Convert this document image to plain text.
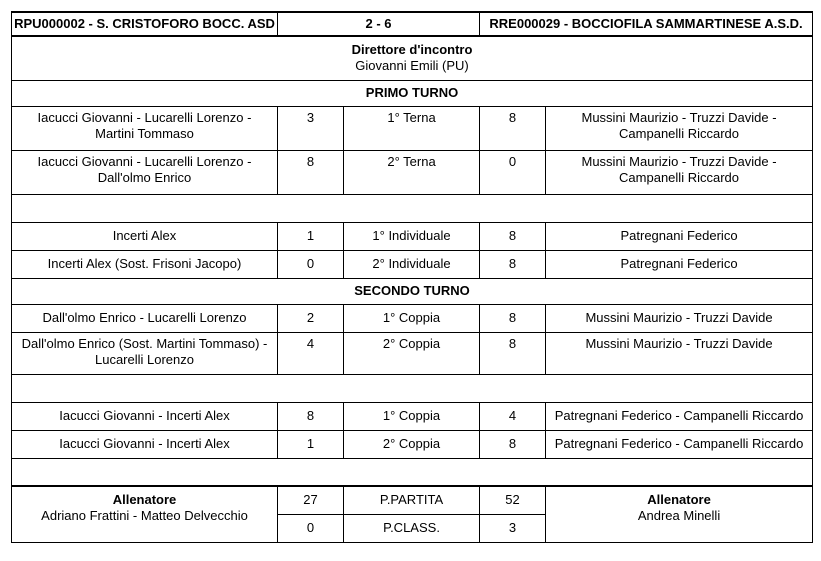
RPU000002 - S. CRISTOFORO BOCC. ASD	2 - 6		RRE000029 - BOCCIOFILA SAMMARTINESE A.S.D.	

Direttore d'incontro
Giovanni Emili (PU)				

PRIMO TURNO				

Iacucci Giovanni - Lucarelli Lorenzo -
Martini Tommaso	3	1° Terna	8	Mussini Maurizio - Truzzi Davide -
Campanelli Riccardo

Iacucci Giovanni - Lucarelli Lorenzo -
Dall'olmo Enrico	8	2° Terna	0	Mussini Maurizio - Truzzi Davide -
Campanelli Riccardo

Incerti Alex	1	1° Individuale	8	Patregnani Federico
Incerti Alex (Sost. Frisoni Jacopo)	0	2° Individuale	8	Patregnani Federico
SECONDO TURNO				
Dall'olmo Enrico - Lucarelli Lorenzo	2	1° Coppia	8	Mussini Maurizio - Truzzi Davide

Dall'olmo Enrico (Sost. Martini Tommaso) -
Lucarelli Lorenzo	4	2° Coppia	8	Mussini Maurizio - Truzzi Davide

Iacucci Giovanni - Incerti Alex	8	1° Coppia	4	Patregnani Federico - Campanelli Riccardo
Iacucci Giovanni - Incerti Alex	1	2° Coppia	8	Patregnani Federico - Campanelli Riccardo

Allenatore
Adriano Frattini - Matteo Delvecchio	27	P.PARTITA	52	Allenatore
Andrea Minelli

	0	P.CLASS.	3	
